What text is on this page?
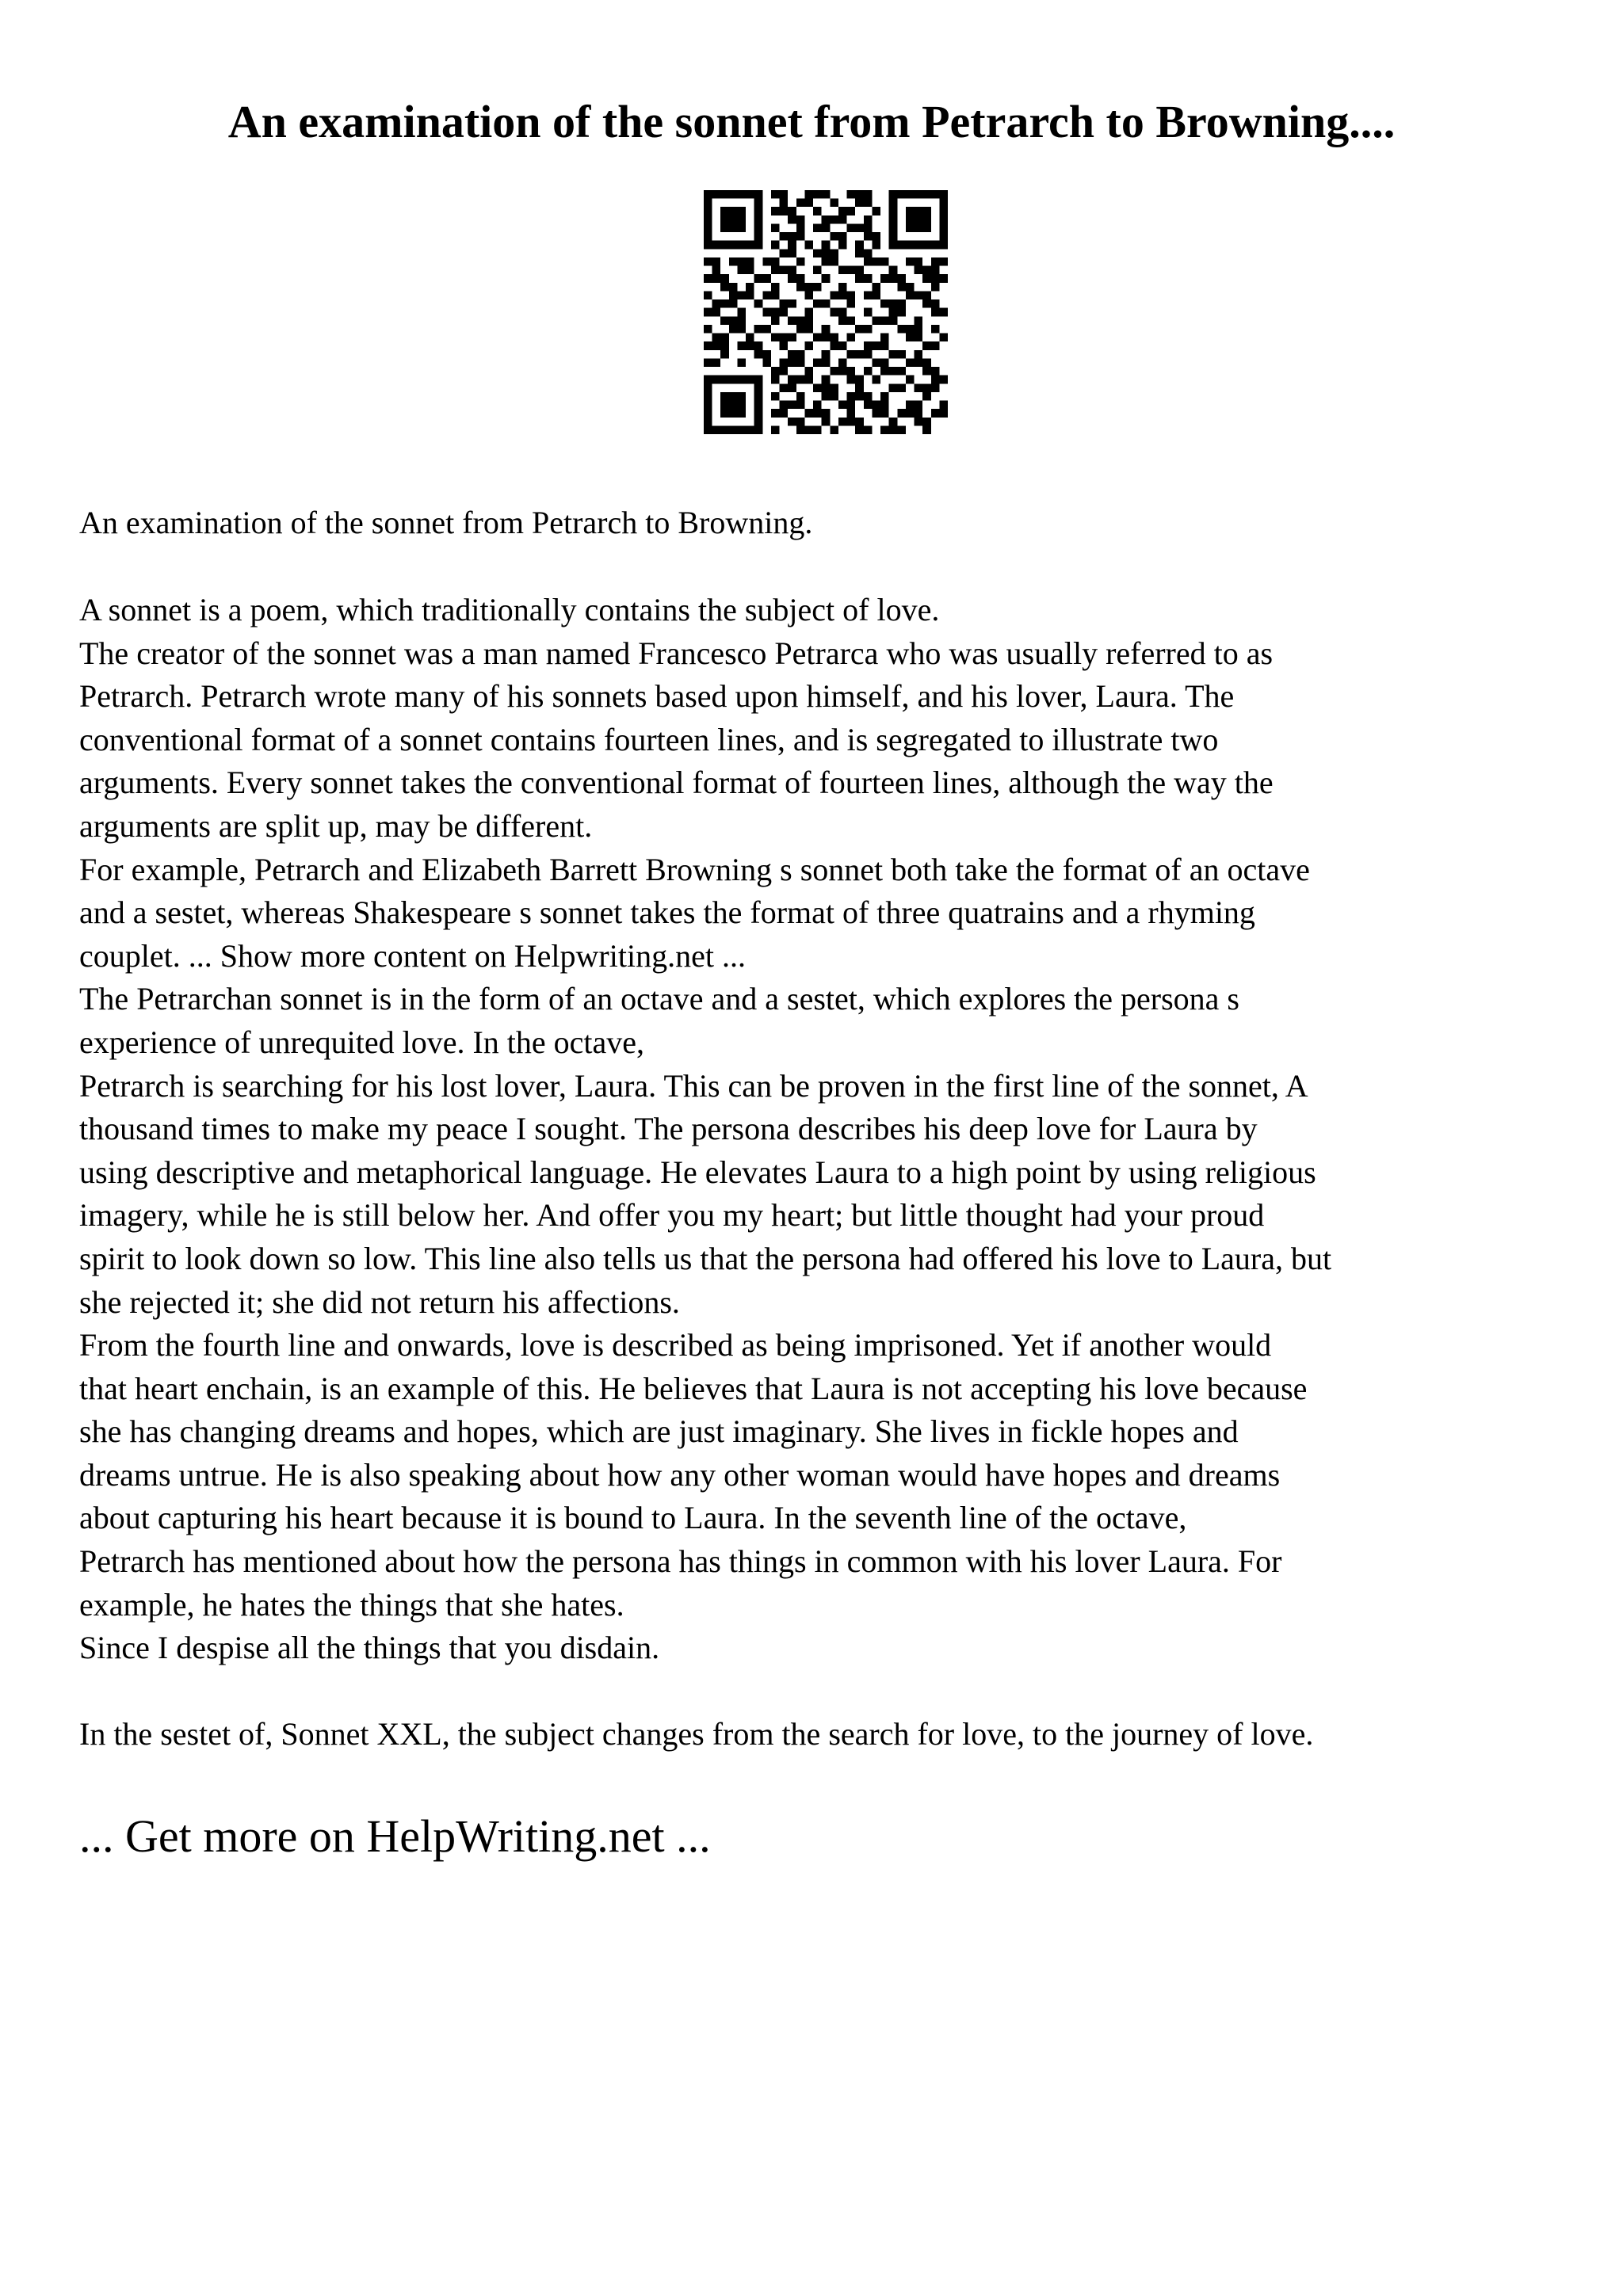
An examination of the sonnet from Petrarch to Browning....

An examination of the sonnet from Petrarch to Browning.

A sonnet is a poem, which traditionally contains the subject of love.
The creator of the sonnet was a man named Francesco Petrarca who was usually referred to as
Petrarch. Petrarch wrote many of his sonnets based upon himself, and his lover, Laura. The
conventional format of a sonnet contains fourteen lines, and is segregated to illustrate two
arguments. Every sonnet takes the conventional format of fourteen lines, although the way the
arguments are split up, may be different.
For example, Petrarch and Elizabeth Barrett Browning s sonnet both take the format of an octave
and a sestet, whereas Shakespeare s sonnet takes the format of three quatrains and a rhyming
couplet. ... Show more content on Helpwriting.net ...
The Petrarchan sonnet is in the form of an octave and a sestet, which explores the persona s
experience of unrequited love. In the octave,
Petrarch is searching for his lost lover, Laura. This can be proven in the first line of the sonnet, A
thousand times to make my peace I sought. The persona describes his deep love for Laura by
using descriptive and metaphorical language. He elevates Laura to a high point by using religious
imagery, while he is still below her. And offer you my heart; but little thought had your proud
spirit to look down so low. This line also tells us that the persona had offered his love to Laura, but
she rejected it; she did not return his affections.
From the fourth line and onwards, love is described as being imprisoned. Yet if another would
that heart enchain, is an example of this. He believes that Laura is not accepting his love because
she has changing dreams and hopes, which are just imaginary. She lives in fickle hopes and
dreams untrue. He is also speaking about how any other woman would have hopes and dreams
about capturing his heart because it is bound to Laura. In the seventh line of the octave,
Petrarch has mentioned about how the persona has things in common with his lover Laura. For
example, he hates the things that she hates.
Since I despise all the things that you disdain.

In the sestet of, Sonnet XXL, the subject changes from the search for love, to the journey of love.

... Get more on HelpWriting.net ...
